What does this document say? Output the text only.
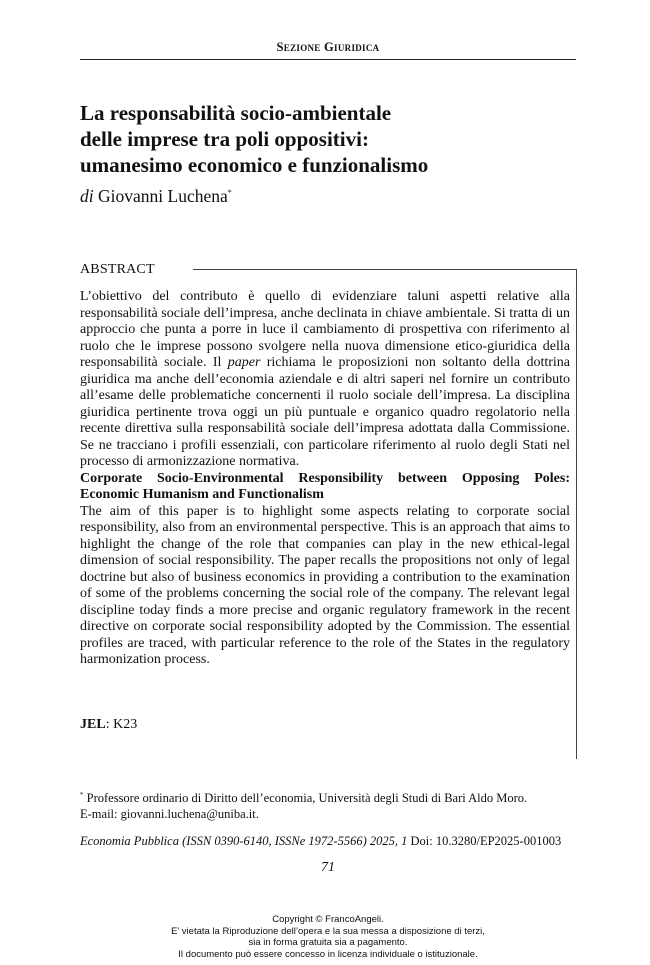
Sezione Giuridica
La responsabilità socio-ambientale
delle imprese tra poli oppositivi:
umanesimo economico e funzionalismo
di Giovanni Luchena*
ABSTRACT

L’obiettivo del contributo è quello di evidenziare taluni aspetti relative alla responsabilità sociale dell’impresa, anche declinata in chiave ambientale. Si tratta di un approccio che punta a porre in luce il cambiamento di prospettiva con riferimento al ruolo che le imprese possono svolgere nella nuova dimensione etico-giuridica della responsabilità sociale. Il paper richiama le proposizioni non soltanto della dottrina giuridica ma anche dell’economia aziendale e di altri saperi nel fornire un contributo all’esame delle problematiche concernenti il ruolo sociale dell’impresa. La disciplina giuridica pertinente trova oggi un più puntuale e organico quadro regolatorio nella recente direttiva sulla responsabilità sociale dell’impresa adottata dalla Commissione. Se ne tracciano i profili essenziali, con particolare riferimento al ruolo degli Stati nel processo di armonizzazione normativa.

Corporate Socio-Environmental Responsibility between Opposing Poles: Economic Humanism and Functionalism

The aim of this paper is to highlight some aspects relating to corporate social responsibility, also from an environmental perspective. This is an approach that aims to highlight the change of the role that companies can play in the new ethical-legal dimension of social responsibility. The paper recalls the propositions not only of legal doctrine but also of business economics in providing a contribution to the examination of some of the problems concerning the social role of the company. The relevant legal discipline today finds a more precise and organic regulatory framework in the recent directive on corporate social responsibility adopted by the Commission. The essential profiles are traced, with particular reference to the role of the States in the regulatory harmonization process.

JEL: K23
* Professore ordinario di Diritto dell’economia, Università degli Studi di Bari Aldo Moro.
E-mail: giovanni.luchena@uniba.it.
Economia Pubblica (ISSN 0390-6140, ISSNe 1972-5566) 2025, 1 Doi: 10.3280/EP2025-001003
71
Copyright © FrancoAngeli.
E’ vietata la Riproduzione dell’opera e la sua messa a disposizione di terzi,
sia in forma gratuita sia a pagamento.
Il documento può essere concesso in licenza individuale o istituzionale.
